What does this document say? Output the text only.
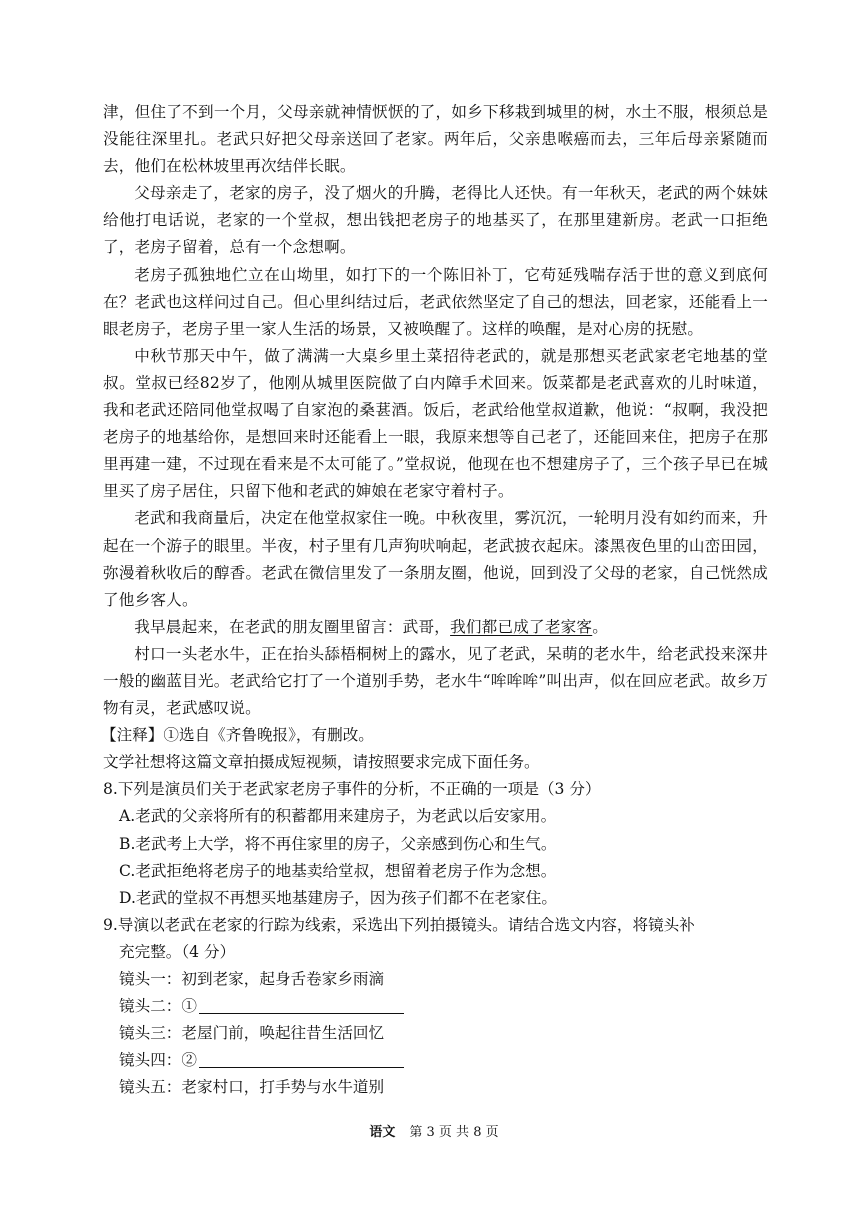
津，但住了不到一个月，父母亲就神情恹恹的了，如乡下移栽到城里的树，水土不服，根须总是没能往深里扎。老武只好把父母亲送回了老家。两年后，父亲患喉癌而去，三年后母亲紧随而去，他们在松林坡里再次结伴长眠。

父母亲走了，老家的房子，没了烟火的升腾，老得比人还快。有一年秋天，老武的两个妹妹给他打电话说，老家的一个堂叔，想出钱把老房子的地基买了，在那里建新房。老武一口拒绝了，老房子留着，总有一个念想啊。

老房子孤独地伫立在山坳里，如打下的一个陈旧补丁，它苟延残喘存活于世的意义到底何在？老武也这样问过自己。但心里纠结过后，老武依然坚定了自己的想法，回老家，还能看上一眼老房子，老房子里一家人生活的场景，又被唤醒了。这样的唤醒，是对心房的抚慰。

中秋节那天中午，做了满满一大桌乡里土菜招待老武的，就是那想买老武家老宅地基的堂叔。堂叔已经82岁了，他刚从城里医院做了白内障手术回来。饭菜都是老武喜欢的儿时味道，我和老武还陪同他堂叔喝了自家泡的桑葚酒。饭后，老武给他堂叔道歉，他说：“叔啊，我没把老房子的地基给你，是想回来时还能看上一眼，我原来想等自己老了，还能回来住，把房子在那里再建一建，不过现在看来是不太可能了。”堂叔说，他现在也不想建房子了，三个孩子早已在城里买了房子居住，只留下他和老武的婶娘在老家守着村子。

老武和我商量后，决定在他堂叔家住一晚。中秋夜里，雾沉沉，一轮明月没有如约而来，升起在一个游子的眼里。半夜，村子里有几声狗吠响起，老武披衣起床。漆黑夜色里的山峦田园，弥漫着秋收后的醇香。老武在微信里发了一条朋友圈，他说，回到没了父母的老家，自己恍然成了他乡客人。

我早晨起来，在老武的朋友圈里留言：武哥，我们都已成了老家客。

村口一头老水牛，正在抬头舔梧桐树上的露水，见了老武，呆萌的老水牛，给老武投来深井一般的幽蓝目光。老武给它打了一个道别手势，老水牛“哞哞哞”叫出声，似在回应老武。故乡万物有灵，老武感叹说。

【注释】①选自《齐鲁晚报》，有删改。

文学社想将这篇文章拍摄成短视频，请按照要求完成下面任务。

8.下列是演员们关于老武家老房子事件的分析，不正确的一项是（3 分）

A.老武的父亲将所有的积蓄都用来建房子，为老武以后安家用。

B.老武考上大学，将不再住家里的房子，父亲感到伤心和生气。

C.老武拒绝将老房子的地基卖给堂叔，想留着老房子作为念想。

D.老武的堂叔不再想买地基建房子，因为孩子们都不在老家住。

9.导演以老武在老家的行踪为线索，采选出下列拍摄镜头。请结合选文内容，将镜头补

充完整。（4 分）

镜头一：初到老家，起身舌卷家乡雨滴

镜头二：①

镜头三：老屋门前，唤起往昔生活回忆

镜头四：②

镜头五：老家村口，打手势与水牛道别

语文 第 3 页 共 8 页
